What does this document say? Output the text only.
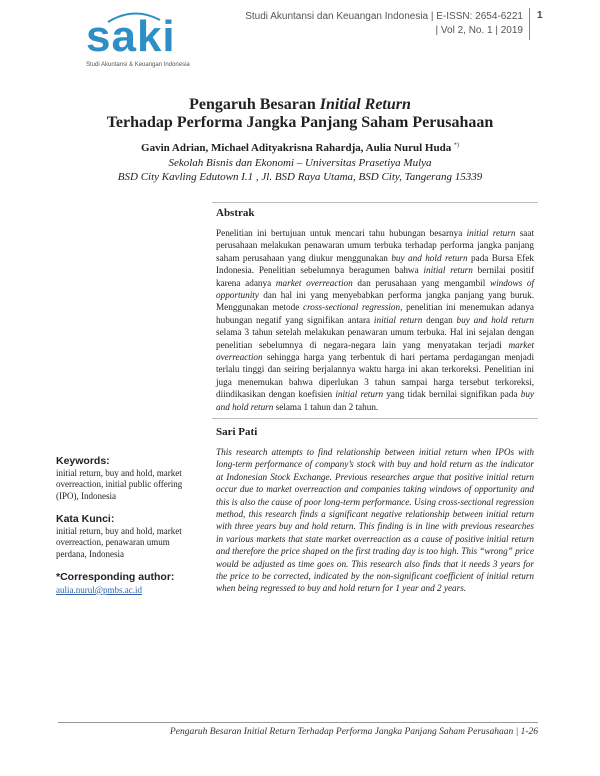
saki
Studi Akuntansi & Keuangan Indonesia
Studi Akuntansi dan Keuangan Indonesia | E-ISSN: 2654-6221
| Vol 2, No. 1 | 2019
1
Pengaruh Besaran Initial Return
Terhadap Performa Jangka Panjang Saham Perusahaan
Gavin Adrian, Michael Adityakrisna Rahardja, Aulia Nurul Huda *)
Sekolah Bisnis dan Ekonomi – Universitas Prasetiya Mulya
BSD City Kavling Edutown I.1 , Jl. BSD Raya Utama, BSD City, Tangerang 15339
Abstrak

Penelitian ini bertujuan untuk mencari tahu hubungan besarnya initial return saat perusahaan melakukan penawaran umum terbuka terhadap performa jangka panjang saham perusahaan yang diukur menggunakan buy and hold return pada Bursa Efek Indonesia. Penelitian sebelumnya beragumen bahwa initial return bernilai positif karena adanya market overreaction dan perusahaan yang mengambil windows of opportunity dan hal ini yang menyebabkan performa jangka panjang yang buruk. Menggunakan metode cross-sectional regression, penelitian ini menemukan adanya hubungan negatif yang signifikan antara initial return dengan buy and hold return selama 3 tahun setelah melakukan penawaran umum terbuka. Hal ini sejalan dengan penelitian sebelumnya di negara-negara lain yang menyatakan terjadi market overreaction sehingga harga yang terbentuk di hari pertama perdagangan menjadi terlalu tinggi dan seiring berjalannya waktu harga ini akan terkoreksi. Penelitian ini juga menemukan bahwa diperlukan 3 tahun sampai harga tersebut terkoreksi, diindikasikan dengan koefisien initial return yang tidak bernilai signifikan pada buy and hold return selama 1 tahun dan 2 tahun.

Sari Pati

This research attempts to find relationship between initial return when IPOs with long-term performance of company’s stock with buy and hold return as the indicator at Indonesian Stock Exchange. Previous researches argue that positive initial return occur due to market overreaction and companies taking windows of opportunity and this is also the cause of poor long-term performance. Using cross-sectional regression method, this research finds a significant negative relationship between initial return with three years buy and hold return. This finding is in line with previous researches in various markets that state market overreaction as a cause of positive initial return and therefore the price shaped on the first trading day is too high. This “wrong” price would be adjusted as time goes on. This research also finds that it needs 3 years for the price to be corrected, indicated by the non-significant coefficient of initial return when being regressed to buy and hold return for 1 year and 2 years.

Keywords:
initial return, buy and hold, market overreaction, initial public offering (IPO), Indonesia
Kata Kunci:
initial return, buy and hold, market overreaction, penawaran umum perdana, Indonesia
*Corresponding author:
aulia.nurul@pmbs.ac.id
Pengaruh Besaran Initial Return Terhadap Performa Jangka Panjang Saham Perusahaan | 1-26
